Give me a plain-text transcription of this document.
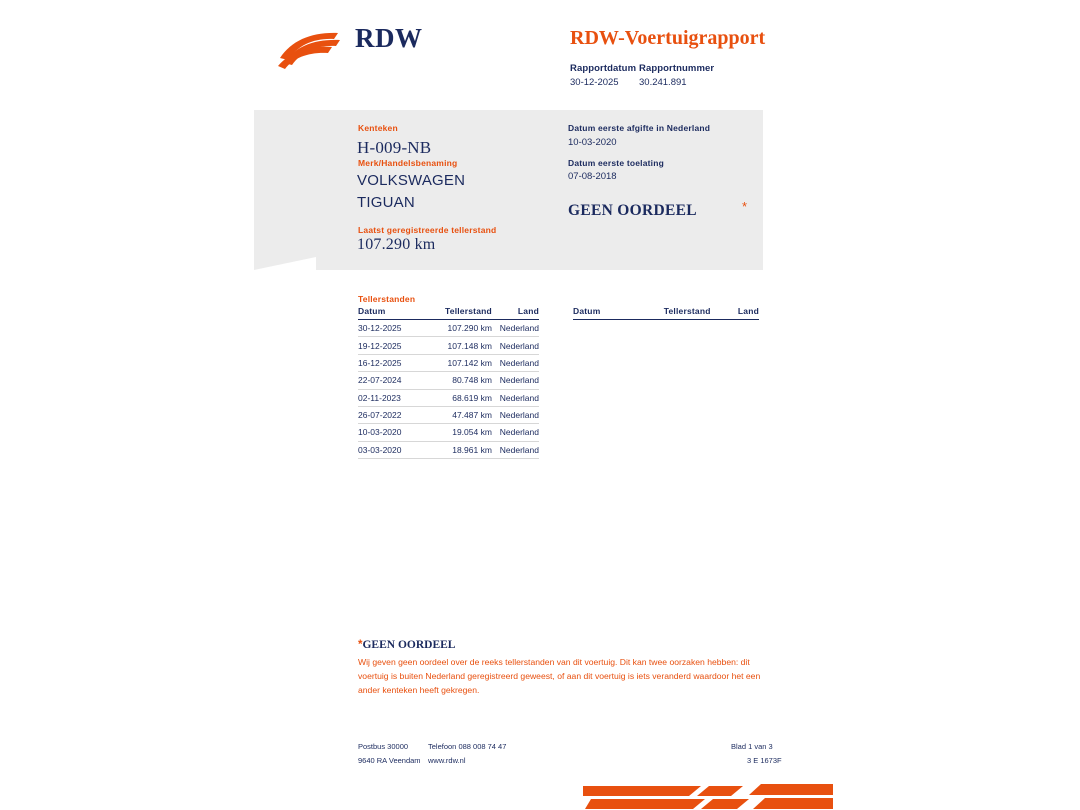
RDW	RDW-Voertuigrapport
Rapportdatum
30-12-2025
Rapportnummer
30.241.891
Kenteken
H-009-NB
Merk/Handelsbenaming
VOLKSWAGEN
TIGUAN
Laatst geregistreerde tellerstand
107.290 km
Datum eerste afgifte in Nederland
10-03-2020
Datum eerste toelating
07-08-2018
GEEN OORDEEL	*
Tellerstanden
Datum	Tellerstand	Land
30-12-2025	107.290 km	Nederland
19-12-2025	107.148 km	Nederland
16-12-2025	107.142 km	Nederland
22-07-2024	80.748 km	Nederland
02-11-2023	68.619 km	Nederland
26-07-2022	47.487 km	Nederland
10-03-2020	19.054 km	Nederland
03-03-2020	18.961 km	Nederland
Datum	Tellerstand	Land
*GEEN OORDEEL
Wij geven geen oordeel over de reeks tellerstanden van dit voertuig. Dit kan twee oorzaken hebben: dit voertuig is buiten Nederland geregistreerd geweest, of aan dit voertuig is iets veranderd waardoor het een ander kenteken heeft gekregen.
Postbus 30000
9640 RA Veendam
Telefoon 088 008 74 47
www.rdw.nl
Blad 1 van 3
3 E 1673F
